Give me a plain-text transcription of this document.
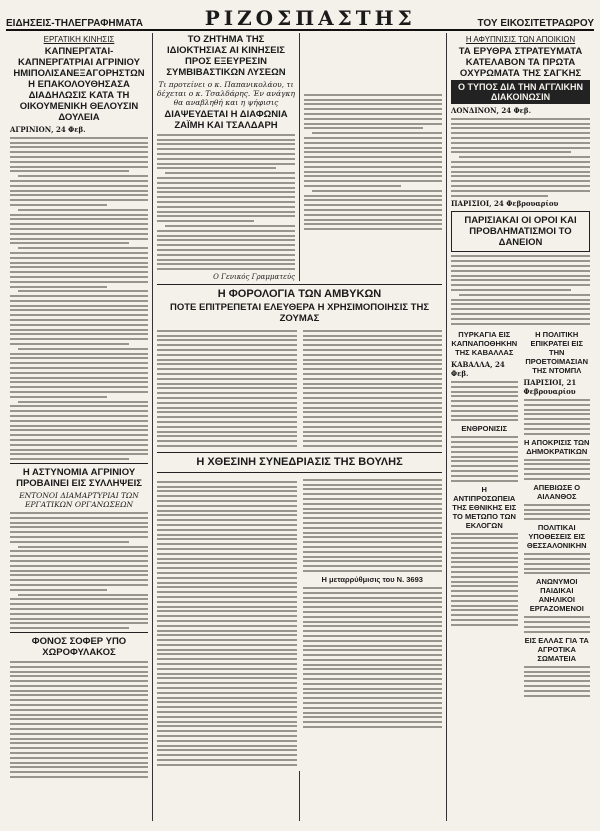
ΕΙΔΗΣΕΙΣ-ΤΗΛΕΓΡΑΦΗΜΑΤΑ	ΡΙΖΟΣΠΑΣΤΗΣ	ΤΟΥ ΕΙΚΟΣΙΤΕΤΡΑΩΡΟΥ
ΕΡΓΑΤΙΚΗ ΚΙΝΗΣΙΣ
ΚΑΠΝΕΡΓΑΤΑΙ-ΚΑΠΝΕΡΓΑΤΡΙΑΙ ΑΓΡΙΝΙΟΥ ΗΜΙΠΟΛΙΣΑΝΕΞΑΓΟΡΗΣΤΩΝ Η ΕΠΑΚΟΛΟΥΘΗΣΑΣΑ ΔΙΑΔΗΛΩΣΙΣ ΚΑΤΑ ΤΗ ΟΙΚΟΥΜΕΝΙΚΗ ΘΕΛΟΥΣΙΝ ΔΟΥΛΕΙΑ
ΑΓΡΙΝΙΟΝ, 24 Φεβ.
Η ΑΣΤΥΝΟΜΙΑ ΑΓΡΙΝΙΟΥ ΠΡΟΒΑΙΝΕΙ ΕΙΣ ΣΥΛΛΗΨΕΙΣ
ΕΝΤΟΝΟΙ ΔΙΑΜΑΡΤΥΡΙΑΙ ΤΩΝ ΕΡΓΑΤΙΚΩΝ ΟΡΓΑΝΩΣΕΩΝ
ΦΟΝΟΣ ΣΟΦΕΡ ΥΠΟ ΧΩΡΟΦΥΛΑΚΟΣ
ΤΟ ΖΗΤΗΜΑ ΤΗΣ ΙΔΙΟΚΤΗΣΙΑΣ ΑΙ ΚΙΝΗΣΕΙΣ ΠΡΟΣ ΕΞΕΥΡΕΣΙΝ ΣΥΜΒΙΒΑΣΤΙΚΩΝ ΛΥΣΕΩΝ
Τι προτείνει ο κ. Παπανικολάου, τι δέχεται ο κ. Τσαλδάρης. Έν ανάγκη θα αναβληθή και η ψήφισις
ΔΙΑΨΕΥΔΕΤΑΙ Η ΔΙΑΦΩΝΙΑ ΖΑΪΜΗ ΚΑΙ ΤΣΑΛΔΑΡΗ
Ο Γενικός Γραμματεύς
Η ΑΦΥΠΝΙΣΙΣ ΤΩΝ ΑΠΟΙΚΙΩΝ
ΤΑ ΕΡΥΘΡΑ ΣΤΡΑΤΕΥΜΑΤΑ ΚΑΤΕΛΑΒΟΝ ΤΑ ΠΡΩΤΑ ΟΧΥΡΩΜΑΤΑ ΤΗΣ ΣΑΓΚΗΣ
Ο ΤΥΠΟΣ ΔΙΑ ΤΗΝ ΑΓΓΛΙΚΗΝ ΔΙΑΚΟΙΝΩΣΙΝ
ΛΟΝΔΙΝΟΝ, 24 Φεβ.
ΠΑΡΙΣΙΟΙ, 24 Φεβρουαρίου
ΠΑΡΙΣΙΑΚΑΙ ΟΙ ΟΡΟΙ ΚΑΙ ΠΡΟΒΛΗΜΑΤΙΣΜΟΙ ΤΟ ΔΑΝΕΙΟΝ
ΠΥΡΚΑΓΙΑ ΕΙΣ ΚΑΠΝΑΠΟΘΗΚΗΝ ΤΗΣ ΚΑΒΑΛΛΑΣ
ΚΑΒΑΛΛΑ, 24 Φεβ.
ΕΝΘΡΟΝΙΣΙΣ
Η ΑΝΤΙΠΡΟΣΩΠΕΙΑ ΤΗΣ ΕΘΝΙΚΗΣ ΕΙΣ ΤΟ ΜΕΤΩΠΟ ΤΩΝ ΕΚΛΟΓΩΝ
Η ΠΟΛΙΤΙΚΗ ΕΠΙΚΡΑΤΕΙ ΕΙΣ ΤΗΝ ΠΡΟΕΤΟΙΜΑΣΙΑΝ ΤΗΣ ΝΤΟΜΠΛ
ΠΑΡΙΣΙΟΙ, 21 Φεβρουαρίου
Η ΑΠΟΚΡΙΣΙΣ ΤΩΝ ΔΗΜΟΚΡΑΤΙΚΩΝ
ΑΠΕΒΙΩΣΕ Ο ΑΙΛΑΝΘΟΣ
ΠΟΛΙΤΙΚΑΙ ΥΠΟΘΕΣΕΙΣ ΕΙΣ ΘΕΣΣΑΛΟΝΙΚΗΝ
ΑΝΩΝΥΜΟΙ ΠΑΙΔΙΚΑΙ ΑΝΗΛΙΚΟΙ ΕΡΓΑΖΟΜΕΝΟΙ
ΕΙΣ ΕΛΛΑΣ ΓΙΑ ΤΑ ΑΓΡΟΤΙΚΑ ΣΩΜΑΤΕΙΑ
Η ΦΟΡΟΛΟΓΙΑ ΤΩΝ ΑΜΒΥΚΩΝ
ΠΟΤΕ ΕΠΙΤΡΕΠΕΤΑΙ ΕΛΕΥΘΕΡΑ Η ΧΡΗΣΙΜΟΠΟΙΗΣΙΣ ΤΗΣ ΖΟΥΜΑΣ
Η ΧΘΕΣΙΝΗ ΣΥΝΕΔΡΙΑΣΙΣ ΤΗΣ ΒΟΥΛΗΣ
Η μεταρρύθμισις του Ν. 3693
